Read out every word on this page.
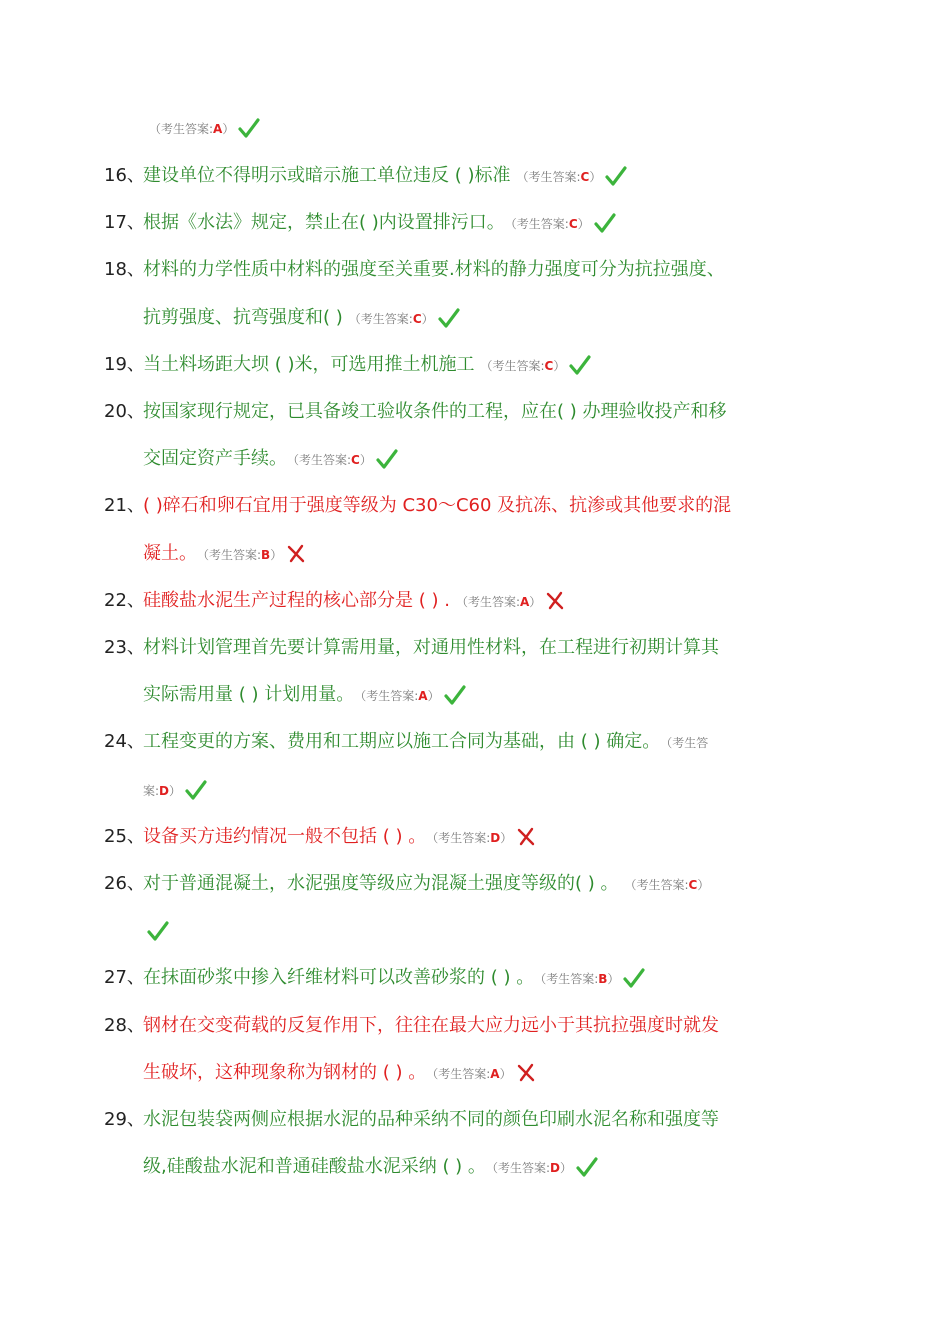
（考生答案:A）
16、
建设单位不得明示或暗示施工单位违反 ( )标准 （考生答案:C）
17、
根据《水法》规定，禁止在( )内设置排污口。 （考生答案:C）
18、
材料的力学性质中材料的强度至关重要.材料的静力强度可分为抗拉强度、
抗剪强度、抗弯强度和( ) （考生答案:C）
19、
当土料场距大坝 ( )米，可选用推土机施工 （考生答案:C）
20、
按国家现行规定，已具备竣工验收条件的工程，应在( ) 办理验收投产和移
交固定资产手续。 （考生答案:C）
21、
( )碎石和卵石宜用于强度等级为 C30～C60 及抗冻、抗渗或其他要求的混
凝土。 （考生答案:B）
22、
硅酸盐水泥生产过程的核心部分是 ( ) . （考生答案:A）
23、
材料计划管理首先要计算需用量，对通用性材料，在工程进行初期计算其
实际需用量 ( ) 计划用量。 （考生答案:A）
24、
工程变更的方案、费用和工期应以施工合同为基础，由 ( ) 确定。 （考生答
案:D）
25、
设备买方违约情况一般不包括 ( ) 。 （考生答案:D）
26、
对于普通混凝土，水泥强度等级应为混凝土强度等级的( ) 。 （考生答案:C）
27、
在抹面砂浆中掺入纤维材料可以改善砂浆的 ( ) 。 （考生答案:B）
28、
钢材在交变荷载的反复作用下，往往在最大应力远小于其抗拉强度时就发
生破坏，这种现象称为钢材的 ( ) 。 （考生答案:A）
29、
水泥包装袋两侧应根据水泥的品种采纳不同的颜色印刷水泥名称和强度等
级,硅酸盐水泥和普通硅酸盐水泥采纳 ( ) 。 （考生答案:D）
